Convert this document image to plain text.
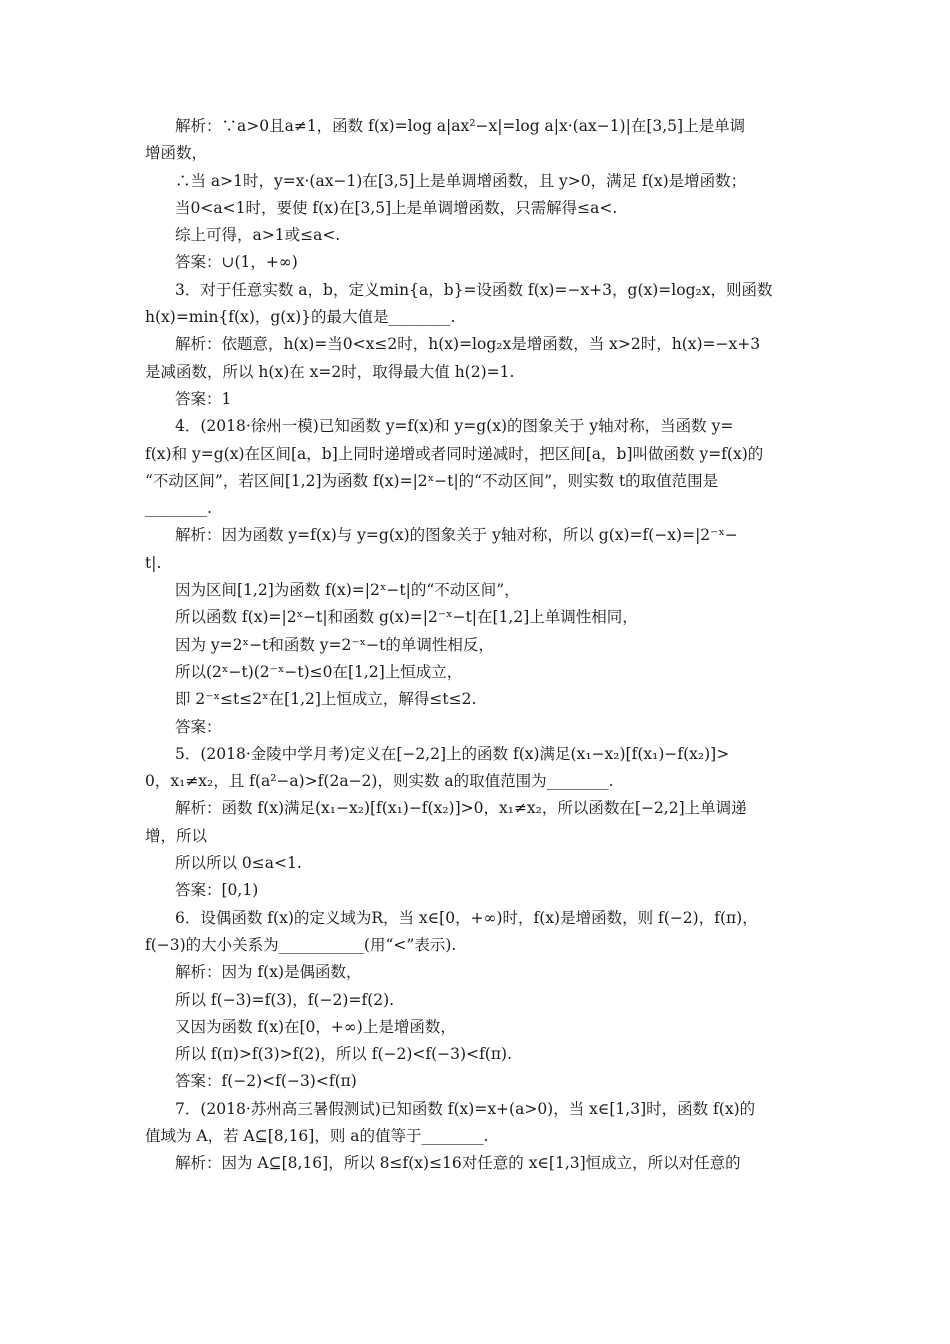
解析：∵a>0且a≠1，函数 f(x)=log a|ax²−x|=log a|x·(ax−1)|在[3,5]上是单调
增函数，
∴当 a>1时，y=x·(ax−1)在[3,5]上是单调增函数，且 y>0，满足 f(x)是增函数；
当0<a<1时，要使 f(x)在[3,5]上是单调增函数，只需解得≤a<.
综上可得，a>1或≤a<.
答案：∪(1，+∞)
3．对于任意实数 a，b，定义min{a，b}=设函数 f(x)=−x+3，g(x)=log₂x，则函数
h(x)=min{f(x)，g(x)}的最大值是________.
解析：依题意，h(x)=当0<x≤2时，h(x)=log₂x是增函数，当 x>2时，h(x)=−x+3
是减函数，所以 h(x)在 x=2时，取得最大值 h(2)=1.
答案：1
4．(2018·徐州一模)已知函数 y=f(x)和 y=g(x)的图象关于 y轴对称，当函数 y=
f(x)和 y=g(x)在区间[a，b]上同时递增或者同时递减时，把区间[a，b]叫做函数 y=f(x)的
“不动区间”，若区间[1,2]为函数 f(x)=|2ˣ−t|的“不动区间”，则实数 t的取值范围是
________.
解析：因为函数 y=f(x)与 y=g(x)的图象关于 y轴对称，所以 g(x)=f(−x)=|2⁻ˣ−
t|.
因为区间[1,2]为函数 f(x)=|2ˣ−t|的“不动区间”，
所以函数 f(x)=|2ˣ−t|和函数 g(x)=|2⁻ˣ−t|在[1,2]上单调性相同，
因为 y=2ˣ−t和函数 y=2⁻ˣ−t的单调性相反，
所以(2ˣ−t)(2⁻ˣ−t)≤0在[1,2]上恒成立，
即 2⁻ˣ≤t≤2ˣ在[1,2]上恒成立，解得≤t≤2.
答案：
5．(2018·金陵中学月考)定义在[−2,2]上的函数 f(x)满足(x₁−x₂)[f(x₁)−f(x₂)]>
0，x₁≠x₂，且 f(a²−a)>f(2a−2)，则实数 a的取值范围为________.
解析：函数 f(x)满足(x₁−x₂)[f(x₁)−f(x₂)]>0，x₁≠x₂，所以函数在[−2,2]上单调递
增，所以
所以所以 0≤a<1.
答案：[0,1)
6．设偶函数 f(x)的定义域为R，当 x∈[0，+∞)时，f(x)是增函数，则 f(−2)，f(π)，
f(−3)的大小关系为___________(用“<”表示).
解析：因为 f(x)是偶函数，
所以 f(−3)=f(3)，f(−2)=f(2).
又因为函数 f(x)在[0，+∞)上是增函数，
所以 f(π)>f(3)>f(2)，所以 f(−2)<f(−3)<f(π).
答案：f(−2)<f(−3)<f(π)
7．(2018·苏州高三暑假测试)已知函数 f(x)=x+(a>0)，当 x∈[1,3]时，函数 f(x)的
值域为 A，若 A⊆[8,16]，则 a的值等于________.
解析：因为 A⊆[8,16]，所以 8≤f(x)≤16对任意的 x∈[1,3]恒成立，所以对任意的
